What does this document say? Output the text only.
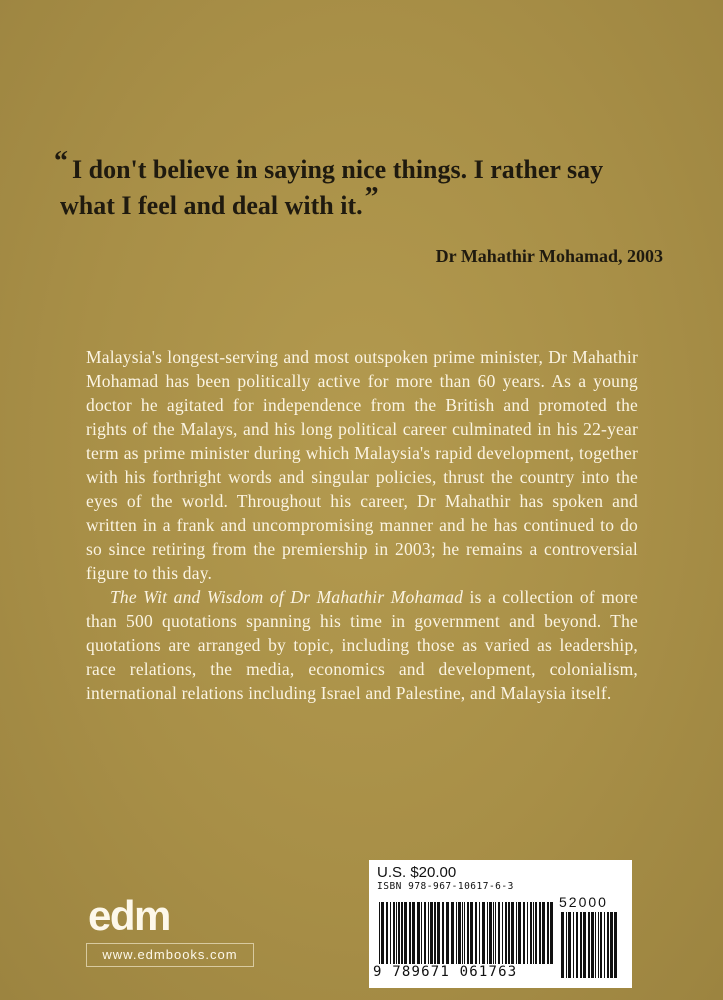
“ I don't believe in saying nice things. I rather say what I feel and deal with it.”
Dr Mahathir Mohamad, 2003

Malaysia's longest-serving and most outspoken prime minister, Dr Mahathir Mohamad has been politically active for more than 60 years. As a young doctor he agitated for independence from the British and promoted the rights of the Malays, and his long political career culminated in his 22-year term as prime minister during which Malaysia's rapid development, together with his forthright words and singular policies, thrust the country into the eyes of the world. Throughout his career, Dr Mahathir has spoken and written in a frank and uncompromising manner and he has continued to do so since retiring from the premiership in 2003; he remains a controversial figure to this day.

The Wit and Wisdom of Dr Mahathir Mohamad is a collection of more than 500 quotations spanning his time in government and beyond. The quotations are arranged by topic, including those as varied as leadership, race relations, the media, economics and development, colonialism, international relations including Israel and Palestine, and Malaysia itself.

edm
www.edmbooks.com
U.S. $20.00
ISBN 978-967-10617-6-3
52000
9 789671 061763
